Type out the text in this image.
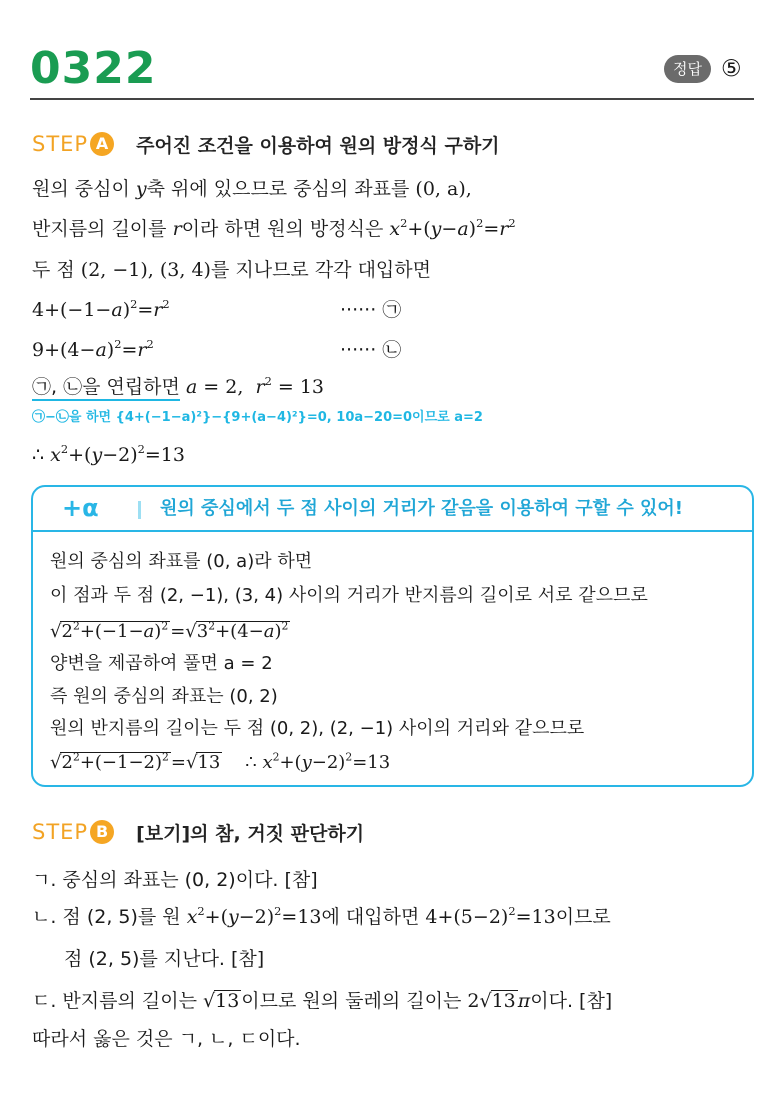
0322	정답 ⑤
STEP A	주어진 조건을 이용하여 원의 방정식 구하기
원의 중심이 y축 위에 있으므로 중심의 좌표를 (0, a),
반지름의 길이를 r이라 하면 원의 방정식은 $x^2+(y-a)^2=r^2$
두 점 (2, −1), (3, 4)를 지나므로 각각 대입하면
$4+(-1-a)^2=r^2$	······ ㉠
$9+(4-a)^2=r^2$	······ ㉡
㉠, ㉡을 연립하면 a = 2,  $r^2 = 13$
㉠−㉡을 하면 {4+(−1−a)²}−{9+(a−4)²}=0, 10a−20=0이므로 a=2
∴ $x^2+(y-2)^2=13$
+α	원의 중심에서 두 점 사이의 거리가 같음을 이용하여 구할 수 있어!
원의 중심의 좌표를 (0, a)라 하면
이 점과 두 점 (2, −1), (3, 4) 사이의 거리가 반지름의 길이로 서로 같으므로
$√2^2+(-1-a)^2 =√3^2+(4-a)^2$
양변을 제곱하여 풀면 a = 2
즉 원의 중심의 좌표는 (0, 2)
원의 반지름의 길이는 두 점 (0, 2), (2, −1) 사이의 거리와 같으므로
$√2^2+(-1-2)^2 =√13$    ∴ $x^2+(y-2)^2=13$
STEP B	[보기]의 참, 거짓 판단하기
ㄱ. 중심의 좌표는 (0, 2)이다. [참]
ㄴ. 점 (2, 5)를 원 $x^2+(y-2)^2=13$에 대입하면 $4+(5-2)^2=13$이므로
점 (2, 5)를 지난다. [참]
ㄷ. 반지름의 길이는 √13 이므로 원의 둘레의 길이는 2√13 π이다. [참]
따라서 옳은 것은 ㄱ, ㄴ, ㄷ이다.
